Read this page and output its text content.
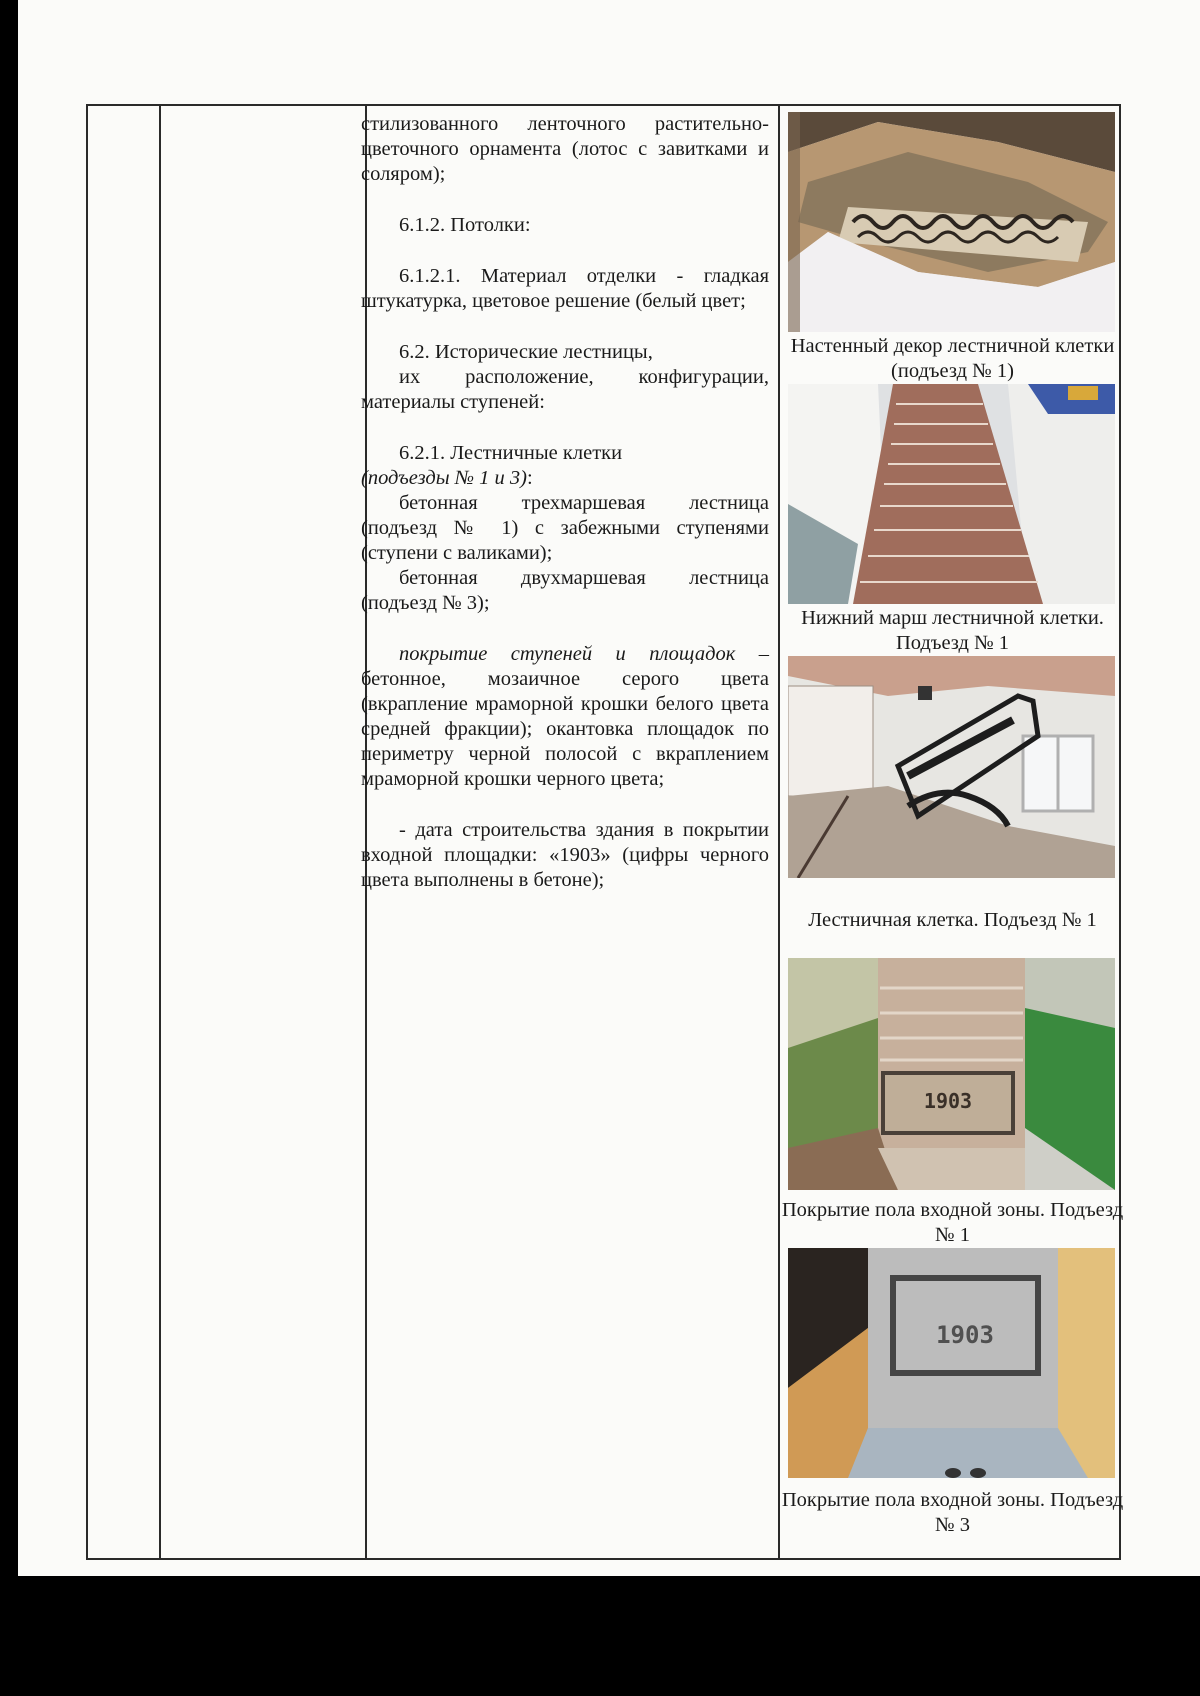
стилизованного ленточного растительно-цветочного орнамента (лотос с завитками и соляром);

6.1.2. Потолки:

6.1.2.1. Материал отделки - гладкая штукатурка, цветовое решение (белый цвет;

6.2. Исторические лестницы,

их расположение, конфигурации, материалы ступеней:

6.2.1. Лестничные клетки

(подъезды № 1 и 3):

бетонная трехмаршевая лестница (подъезд № 1) с забежными ступенями (ступени с валиками);

бетонная двухмаршевая лестница (подъезд № 3);

покрытие ступеней и площадок – бетонное, мозаичное серого цвета (вкрапление мраморной крошки белого цвета средней фракции); окантовка площадок по периметру черной полосой с вкраплением мраморной крошки черного цвета;

- дата строительства здания в покрытии входной площадки: «1903» (цифры черного цвета выполнены в бетоне);

Настенный декор лестничной клетки (подъезд № 1)
Нижний марш лестничной клетки. Подъезд № 1
Лестничная клетка. Подъезд № 1
1903
Покрытие пола входной зоны. Подъезд № 1
1903
Покрытие пола входной зоны. Подъезд № 3
